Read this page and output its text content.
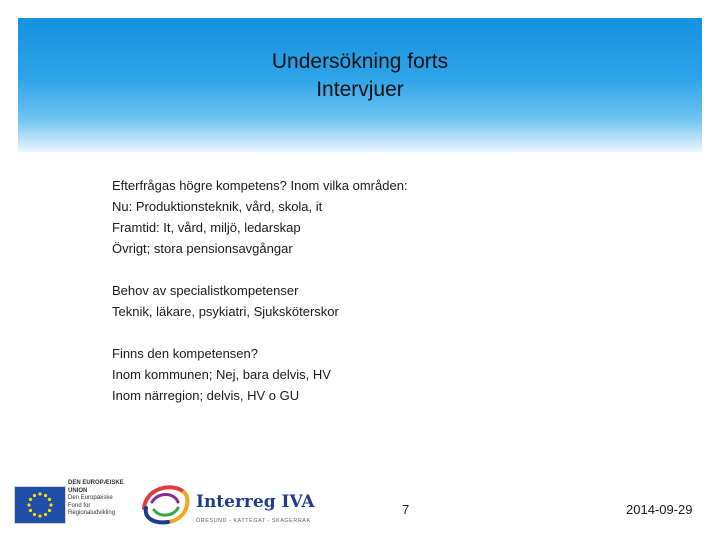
Undersökning forts
Intervjuer
Efterfrågas högre kompetens? Inom vilka områden:
Nu: Produktionsteknik, vård, skola, it
Framtid: It, vård, miljö, ledarskap
Övrigt; stora pensionsavgångar
Behov av specialistkompetenser
Teknik, läkare, psykiatri, Sjuksköterskor
Finns den kompetensen?
Inom kommunen; Nej, bara delvis, HV
Inom närregion; delvis, HV o GU
DEN EUROPÆISKE
UNION
Den Europæiske
Fond for
Regionaludvikling
Interreg IVA
ÖRESUND - KATTEGAT - SKAGERRAK
7	2014-09-29
